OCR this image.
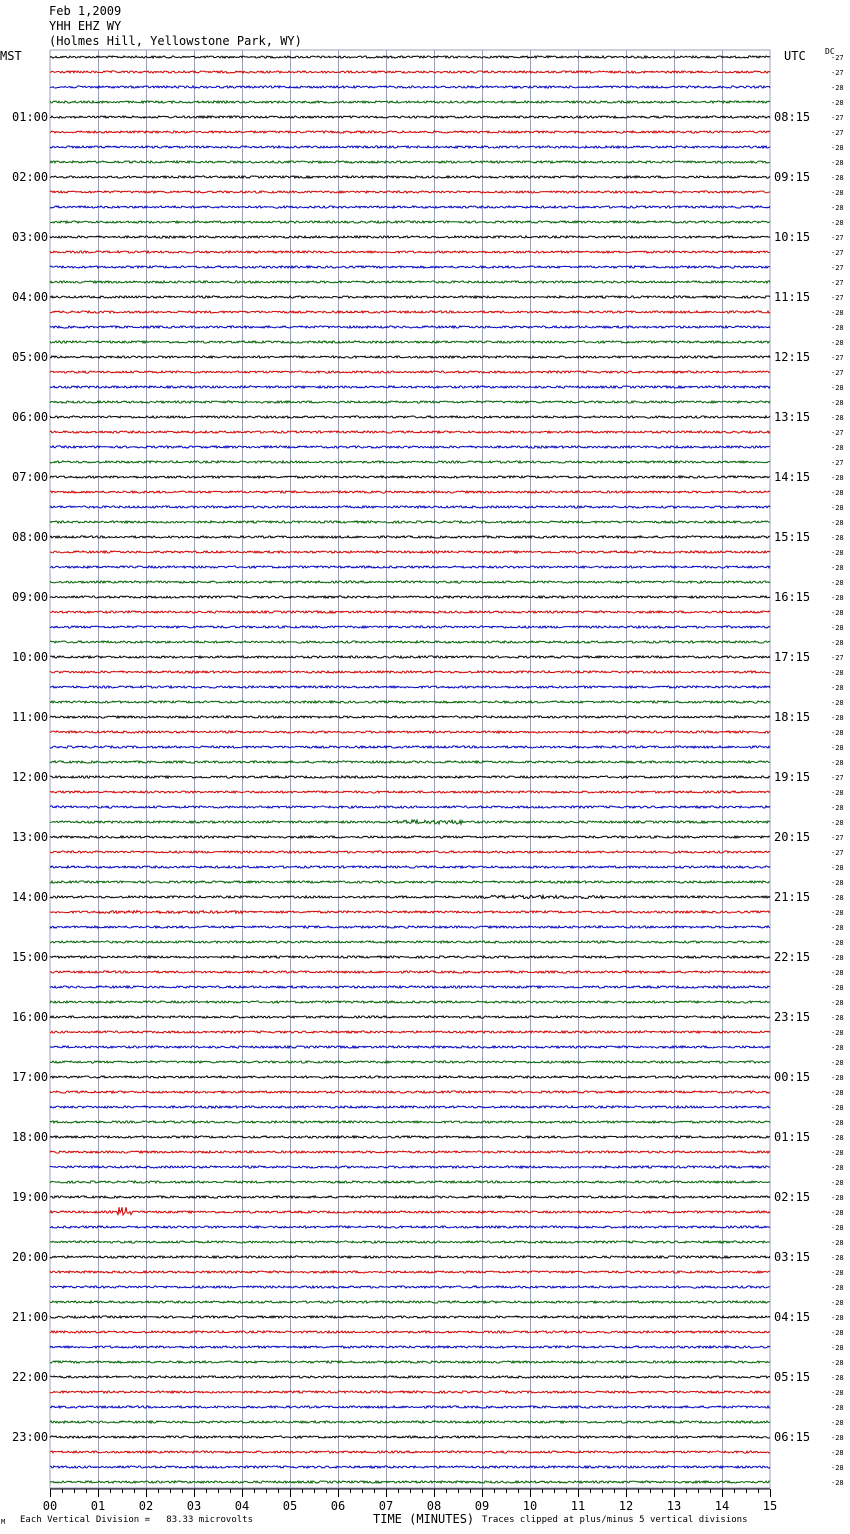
Feb 1,2009
YHH EHZ WY
(Holmes Hill, Yellowstone Park, WY)
MST	UTC DC
01:00
02:00
03:00
04:00
05:00
06:00
07:00
08:00
09:00
10:00
11:00
12:00
13:00
14:00
15:00
16:00
17:00
18:00
19:00
20:00
21:00
22:00
23:00
08:15
09:15
10:15
11:15
12:15
13:15
14:15
15:15
16:15
17:15
18:15
19:15
20:15
21:15
22:15
23:15
00:15
01:15
02:15
03:15
04:15
05:15
06:15
-27
-27
-28
-28
-27
-27
-28
-28
-28
-28
-28
-28
-27
-27
-27
-27
-27
-28
-28
-28
-27
-27
-28
-28
-28
-27
-28
-27
-28
-28
-28
-28
-28
-28
-28
-28
-28
-28
-28
-28
-27
-28
-28
-28
-28
-28
-28
-28
-27
-28
-28
-28
-27
-27
-28
-28
-28
-28
-28
-28
-28
-28
-28
-28
-28
-28
-28
-28
-28
-28
-28
-28
-28
-28
-28
-28
-28
-28
-28
-28
-28
-28
-28
-28
-28
-28
-28
-28
-28
-28
-28
-28
-28
-28
-28
-28
00	01	02	03	04	05	06	07	08	09	10	11	12	13	14	15
M Each Vertical Division =   83.33 microvolts	TIME (MINUTES) Traces clipped at plus/minus 5 vertical divisions
